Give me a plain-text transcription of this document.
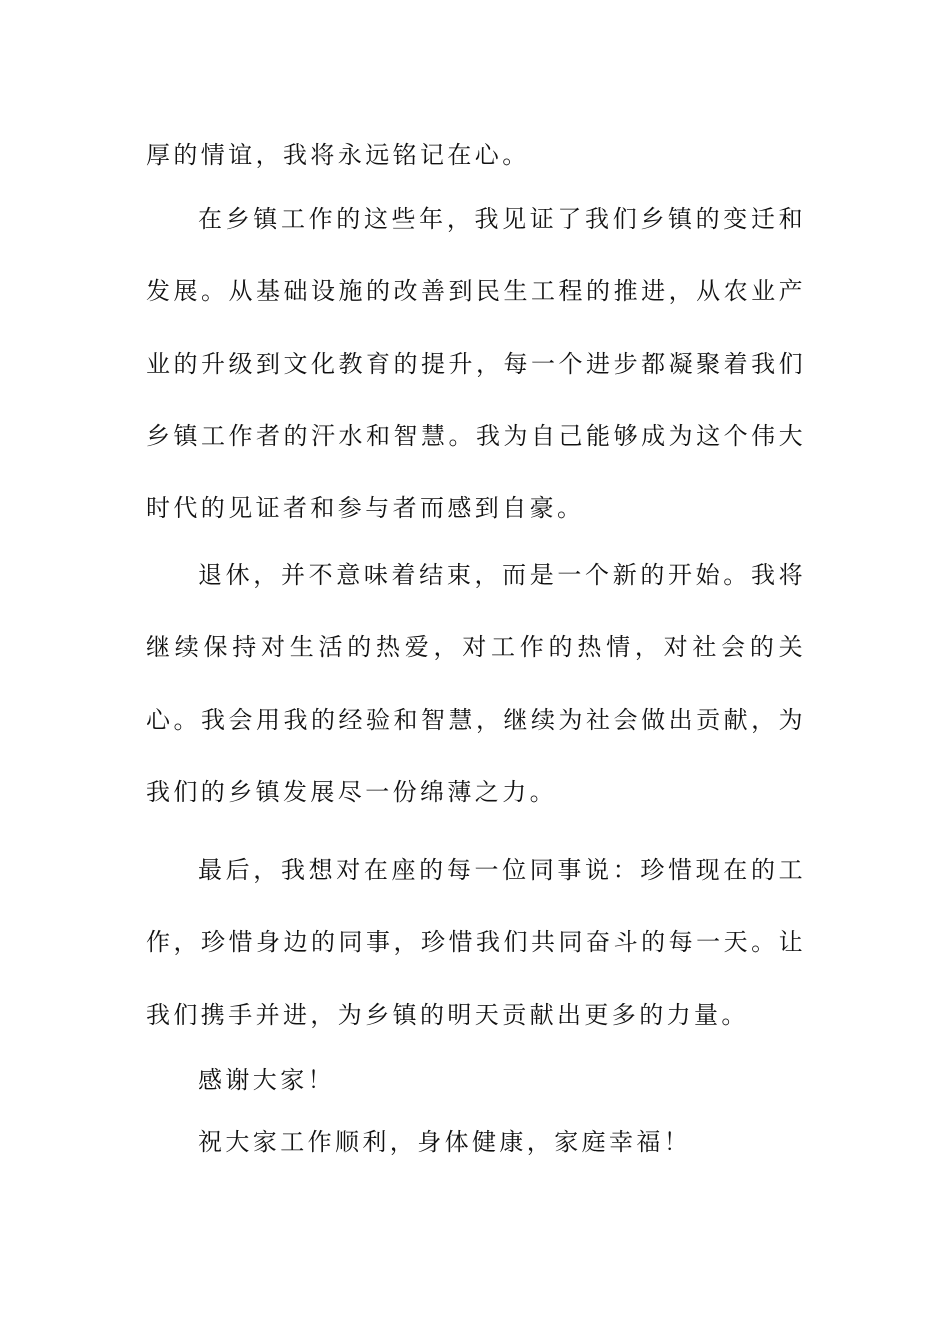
厚的情谊，我将永远铭记在心。
在乡镇工作的这些年，我见证了我们乡镇的变迁和发展。从基础设施的改善到民生工程的推进，从农业产业的升级到文化教育的提升，每一个进步都凝聚着我们乡镇工作者的汗水和智慧。我为自己能够成为这个伟大时代的见证者和参与者而感到自豪。
退休，并不意味着结束，而是一个新的开始。我将继续保持对生活的热爱，对工作的热情，对社会的关心。我会用我的经验和智慧，继续为社会做出贡献，为我们的乡镇发展尽一份绵薄之力。
最后，我想对在座的每一位同事说：珍惜现在的工作，珍惜身边的同事，珍惜我们共同奋斗的每一天。让我们携手并进，为乡镇的明天贡献出更多的力量。
感谢大家！
祝大家工作顺利，身体健康，家庭幸福！
